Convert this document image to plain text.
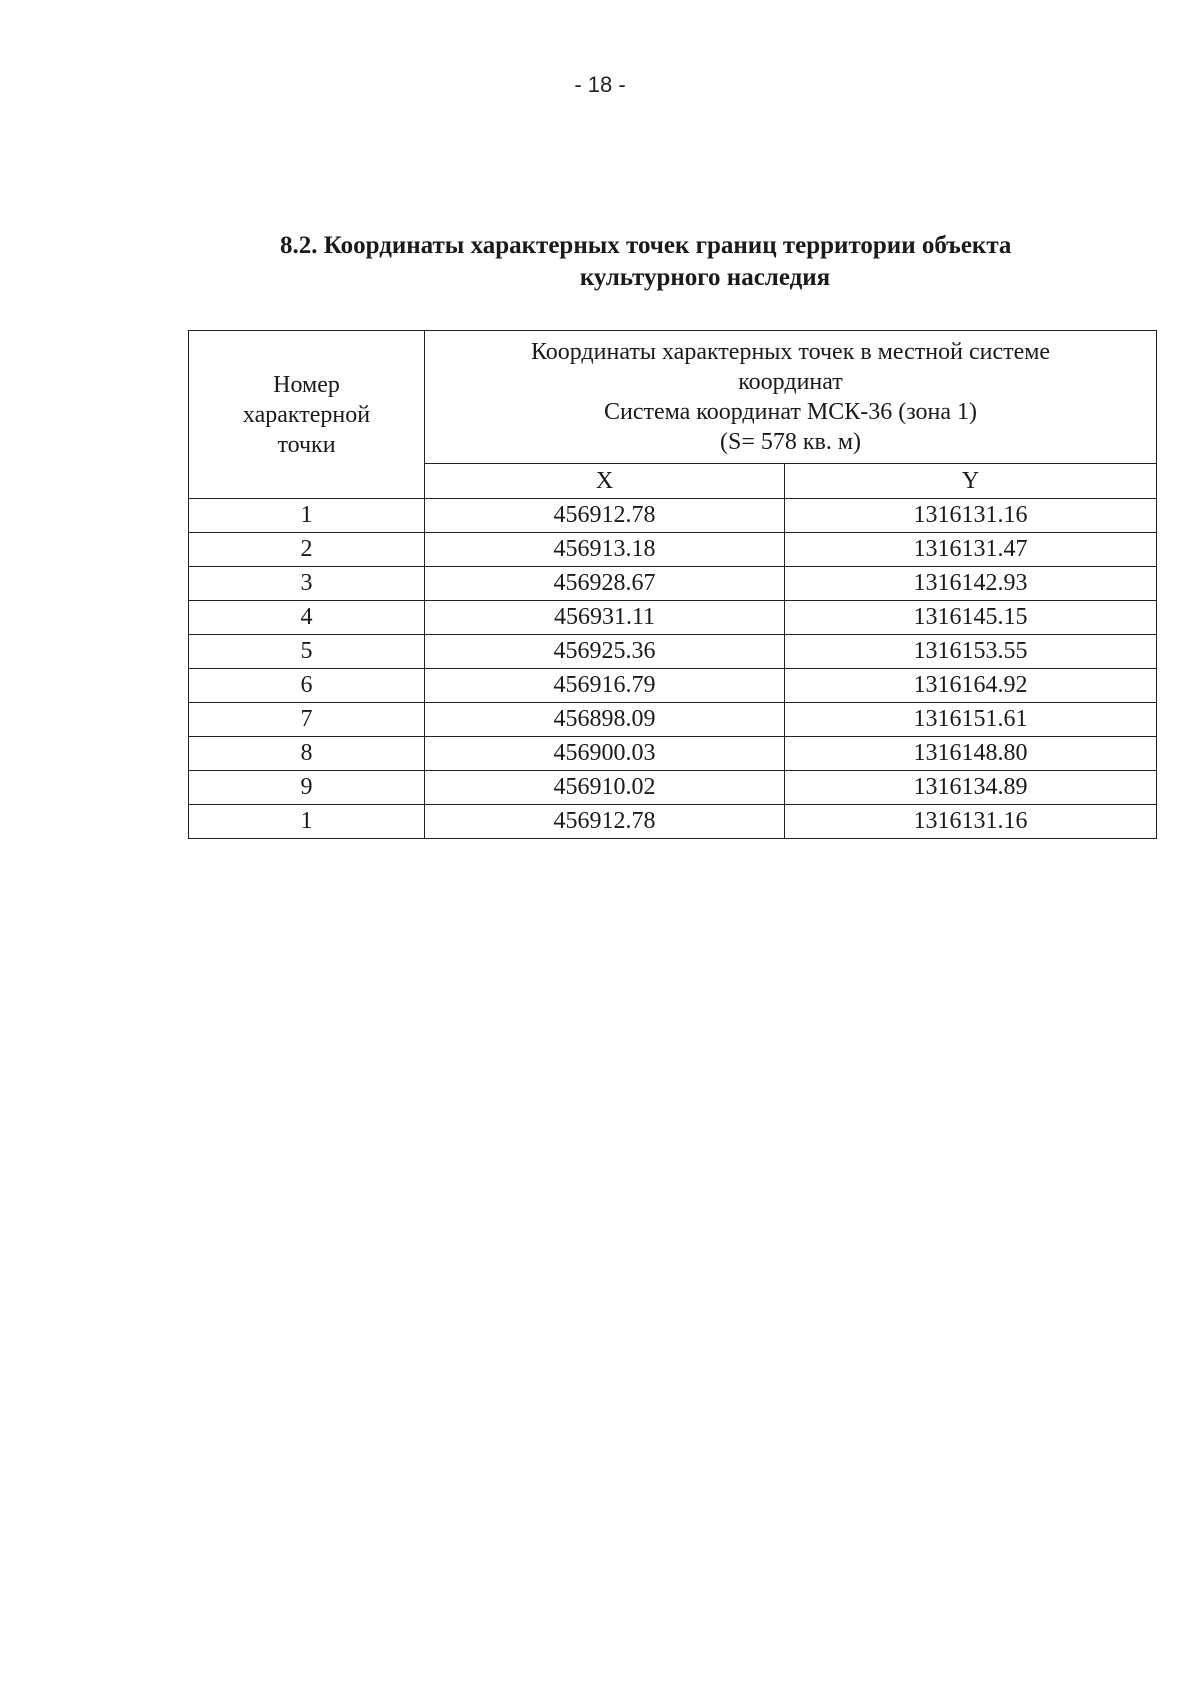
- 18 -
8.2. Координаты характерных точек границ территории объекта
культурного наследия
Номер
характерной
точки	Координаты характерных точек в местной системе
координат
Система координат МСК-36 (зона 1)
(S= 578 кв. м)	

	X	Y
1	456912.78	1316131.16
2	456913.18	1316131.47
3	456928.67	1316142.93
4	456931.11	1316145.15
5	456925.36	1316153.55
6	456916.79	1316164.92
7	456898.09	1316151.61
8	456900.03	1316148.80
9	456910.02	1316134.89
1	456912.78	1316131.16
